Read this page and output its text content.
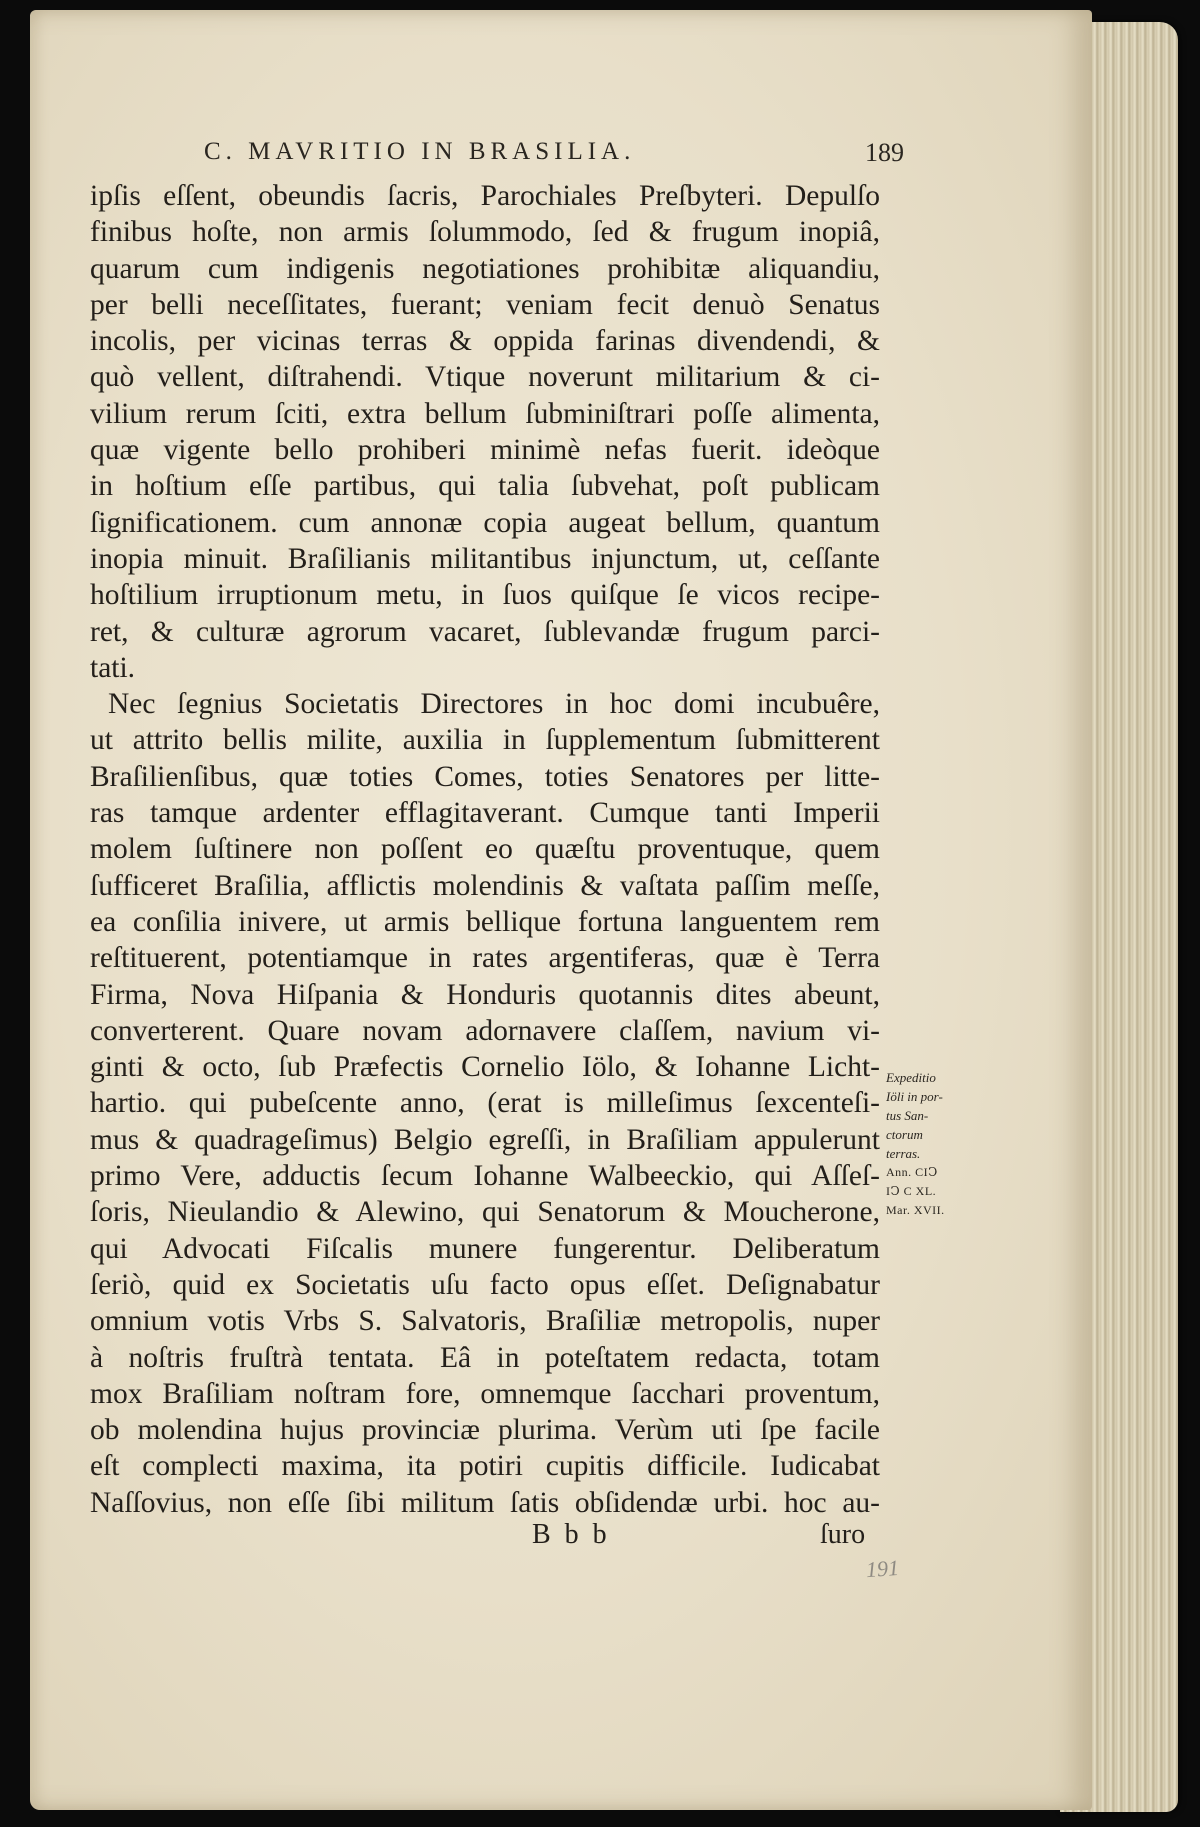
C. MAVRITIO IN BRASILIA.	189
ipſis eſſent, obeundis ſacris, Parochiales Preſbyteri. Depulſo
finibus hoſte, non armis ſolummodo, ſed & frugum inopiâ,
quarum cum indigenis negotiationes prohibitæ aliquandiu,
per belli neceſſitates, fuerant; veniam fecit denuò Senatus
incolis, per vicinas terras & oppida farinas divendendi, &
quò vellent, diſtrahendi. Vtique noverunt militarium & ci-
vilium rerum ſciti, extra bellum ſubminiſtrari poſſe alimenta,
quæ vigente bello prohiberi minimè nefas fuerit. ideòque
in hoſtium eſſe partibus, qui talia ſubvehat, poſt publicam
ſignificationem. cum annonæ copia augeat bellum, quantum
inopia minuit. Braſilianis militantibus injunctum, ut, ceſſante
hoſtilium irruptionum metu, in ſuos quiſque ſe vicos recipe-
ret, & culturæ agrorum vacaret, ſublevandæ frugum parci-
tati.
Nec ſegnius Societatis Directores in hoc domi incubuêre,
ut attrito bellis milite, auxilia in ſupplementum ſubmitterent
Braſilienſibus, quæ toties Comes, toties Senatores per litte-
ras tamque ardenter efflagitaverant. Cumque tanti Imperii
molem ſuſtinere non poſſent eo quæſtu proventuque, quem
ſufficeret Braſilia, afflictis molendinis & vaſtata paſſim meſſe,
ea conſilia inivere, ut armis bellique fortuna languentem rem
reſtituerent, potentiamque in rates argentiferas, quæ è Terra
Firma, Nova Hiſpania & Honduris quotannis dites abeunt,
converterent. Quare novam adornavere claſſem, navium vi-
ginti & octo, ſub Præfectis Cornelio Iölo, & Iohanne Licht-
hartio. qui pubeſcente anno, (erat is milleſimus ſexcenteſi-
mus & quadrageſimus) Belgio egreſſi, in Braſiliam appulerunt
primo Vere, adductis ſecum Iohanne Walbeeckio, qui Aſſeſ-
ſoris, Nieulandio & Alewino, qui Senatorum & Moucherone,
qui Advocati Fiſcalis munere fungerentur. Deliberatum
ſeriò, quid ex Societatis uſu facto opus eſſet. Deſignabatur
omnium votis Vrbs S. Salvatoris, Braſiliæ metropolis, nuper
à noſtris fruſtrà tentata. Eâ in poteſtatem redacta, totam
mox Braſiliam noſtram fore, omnemque ſacchari proventum,
ob molendina hujus provinciæ plurima. Verùm uti ſpe facile
eſt complecti maxima, ita potiri cupitis difficile. Iudicabat
Naſſovius, non eſſe ſibi militum ſatis obſidendæ urbi. hoc au-
Expeditio
Iöli in por-
tus San-
ctorum
terras.
Ann. CIↃ
IↃ C XL.
Mar. XVII.
Bbb	ſuro
191
